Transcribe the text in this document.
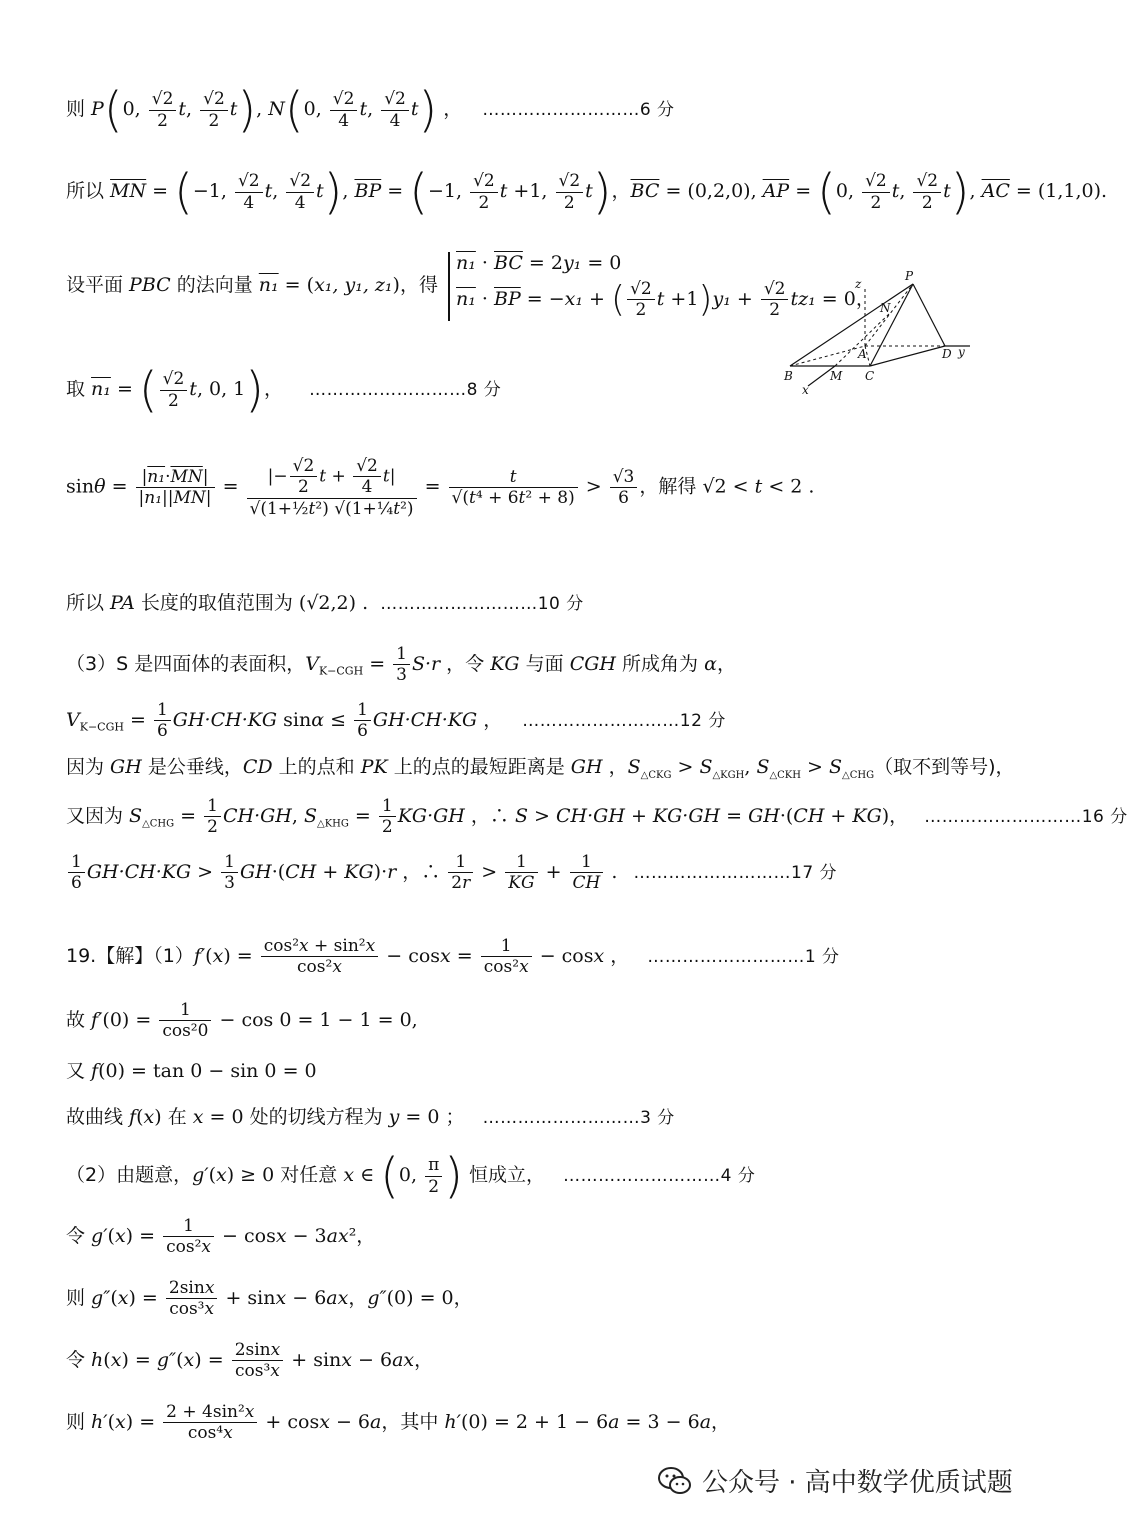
则 P(0, $\frac{√2}{2} t$, $\frac{√2}{2} t$), N(0, $\frac{√2}{4} t$, $\frac{√2}{4} t$) ， ………………………6 分
所以 $\overline{MN} = (-1$, $\frac{√2}{4} t$, $\frac{√2}{4} t$), $\overline{BP} = (-1$, $\frac{√2}{2}$ t +1, $\frac{√2}{2} t$)，$\overline{BC} = (0,2,0)$, $\overline{AP} = (0$, $\frac{√2}{2} t$, $\frac{√2}{2} t$), $\overline{AC} = (1,1,0)$.
设平面 PBC 的法向量 n₁ = (x₁, y₁, z₁)，得
$n_1 \cdot \overline{BC} = 2y_1 = 0$
$n_1 \cdot \overline{BP} = -x_1$ + ( $\frac{√2}{2}$ $t +1)y_1 + \frac{√2}{2} tz_1 = 0$，
P
z
N
A
B	M C
D y
x
取 n₁ = ( $\frac{√2}{2} t$, 0, 1)， ………………………8 分
$\sin\theta = \frac{|n_1\cdot\overline{MN}|}{|n_1||\overline{MN}|} = \frac{|- \frac{√2}{2} t + \frac{√2}{4} t|}{\text{√(1+½t²) √(1+¼t²)}} = \frac{t}{\text{√(t⁴ + 6t² + 8)}} > \frac{√3}{6}$ ，解得 √2 < t < 2 .
所以 PA 长度的取值范围为 (√2,2) . ………………………10 分
（3）S 是四面体的表面积，$V_{K-CGH} = \frac{1}{3} S\cdot r$ ，令 KG 与面 CGH 所成角为 α，
$V_{K-CGH} = \frac{1}{6} GH\cdot CH\cdot KG$ $\sin\alpha \le \frac{1}{6} GH\cdot CH\cdot KG$ ， ………………………12 分
因为 GH 是公垂线，CD 上的点和 PK 上的点的最短距离是 GH ，$S_{\triangle CKG} > S_{\triangle KGH}$, $S_{\triangle CKH} > S_{\triangle CHG}$（取不到等号)，
又因为 $S_{\triangle CHG} = \frac{1}{2} CH\cdot GH$, $S_{\triangle KHG} = \frac{1}{2} KG\cdot GH$ ，∴ S > CH·GH + KG·GH = GH·(CH + KG)， ………………………16 分
$\frac{1}{6} GH\cdot CH\cdot KG > \frac{1}{3} GH\cdot(CH + KG)\cdot r$ ，∴ $\frac{1}{2r} > \frac{1}{KG} + \frac{1}{CH}$ . ………………………17 分
19.【解】$(1)f'(x) = \frac{\text{cos²x + sin²x}}{\text{cos²x}} - \cos x = \frac{1}{\text{cos²x}} - \cos x$ ， ………………………1 分
故 $f'(0) = \frac{1}{\text{cos²0}} - \cos 0 = 1 - 1 = 0$,
又 f(0) = tan 0 − sin 0 = 0
故曲线 f(x) 在 x = 0 处的切线方程为 y = 0 ； ………………………3 分
（2）由题意，g′(x) ≥ 0 对任意 x ∈ (0, $\frac{\pi}{2}$ ) 恒成立， ………………………4 分
令 $g'(x) = \frac{1}{\text{cos²x}} - \cos x - 3ax^2$，
则 $g''(x) = \frac{2\sin x}{\text{cos³x}} + \sin x - 6ax$，g″(0) = 0，
令 $h(x) = g''(x) = \frac{2\sin x}{\text{cos³x}} + \sin x - 6ax$，
则 $h'(x) = \frac{\text{2 + 4sin²x}}{\text{cos⁴x}} + \cos x - 6a$，其中 h′(0) = 2 + 1 − 6a = 3 − 6a，
公众号 · 高中数学优质试题
